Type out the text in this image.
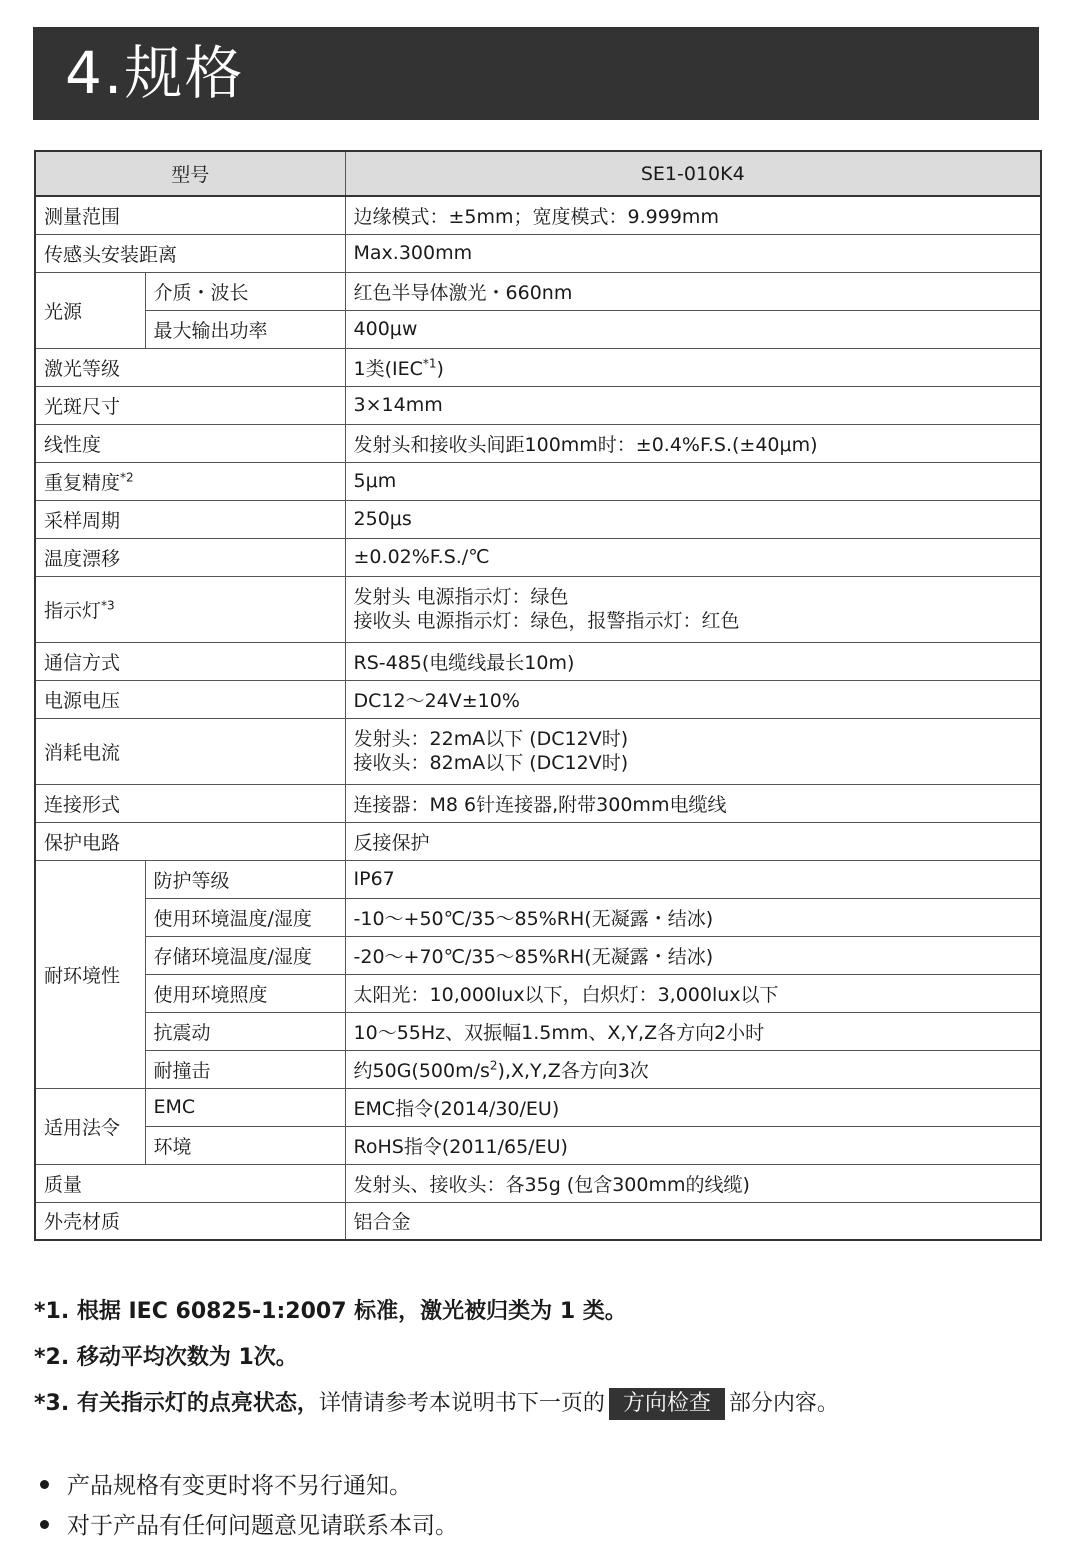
4.规格
型号		SE1-010K4
测量范围		边缘模式：±5mm；宽度模式：9.999mm
传感头安装距离		Max.300mm
光源	介质・波长	红色半导体激光・660nm
	最大输出功率	400μw
激光等级		1类(IEC$^{*1}$)
光斑尺寸		3×14mm
线性度		发射头和接收头间距100mm时：±0.4%F.S.(±40μm)
重复精度$^{*2}$		5μm
采样周期		250μs
温度漂移		±0.02%F.S./℃
指示灯$^{*3}$		发射头 电源指示灯：绿色
接收头 电源指示灯：绿色，报警指示灯：红色

通信方式		RS-485(电缆线最长10m)
电源电压		DC12～24V±10%
消耗电流		发射头：22mA以下 (DC12V时)
接收头：82mA以下 (DC12V时)

连接形式		连接器：M8 6针连接器,附带300mm电缆线
保护电路		反接保护
耐环境性	防护等级	IP67
	使用环境温度/湿度	-10～+50℃/35～85%RH(无凝露・结冰)
	存储环境温度/湿度	-20～+70℃/35～85%RH(无凝露・结冰)
	使用环境照度	太阳光：10,000lux以下，白炽灯：3,000lux以下
	抗震动	10～55Hz、双振幅1.5mm、X,Y,Z各方向2小时
	耐撞击	约$50G(500m/s^2),X,Y,Z$各方向3次
适用法令	EMC	EMC指令(2014/30/EU)
	环境	RoHS指令(2011/65/EU)
质量		发射头、接收头：各35g (包含300mm的线缆)
外壳材质		铝合金
*1. 根据 IEC 60825-1:2007 标准，激光被归类为 1 类。
*2. 移动平均次数为 1次。
*3. 有关指示灯的点亮状态，详情请参考本说明书下一页的 方向检查 部分内容。
产品规格有变更时将不另行通知。
对于产品有任何问题意见请联系本司。
